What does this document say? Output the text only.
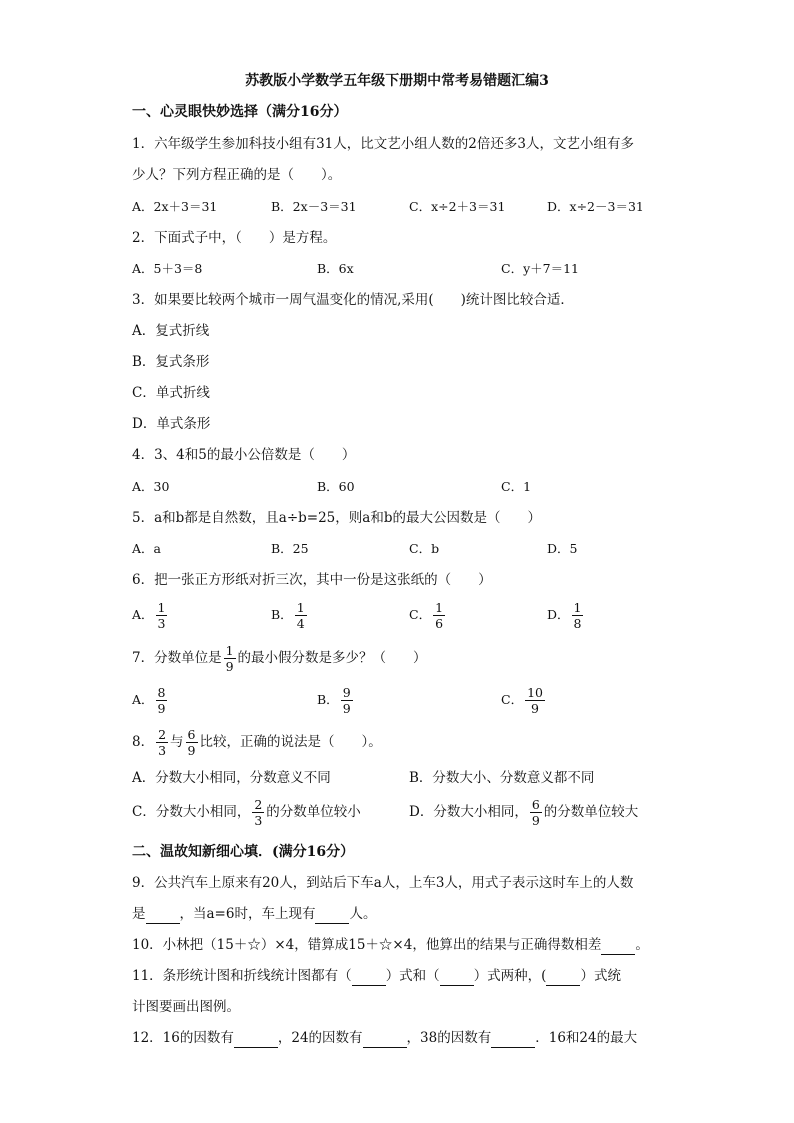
苏教版小学数学五年级下册期中常考易错题汇编3
一、心灵眼快妙选择（满分16分）
1．六年级学生参加科技小组有31人，比文艺小组人数的2倍还多3人，文艺小组有多
少人？下列方程正确的是（　　）。
A．2x＋3＝31	B．2x－3＝31	C．x÷2＋3＝31	D．x÷2－3＝31
2．下面式子中，（　　）是方程。
A．5＋3＝8	B．6x	C．y＋7＝11
3．如果要比较两个城市一周气温变化的情况,采用(　　)统计图比较合适．
A．复式折线
B．复式条形
C．单式折线
D．单式条形
4．3、4和5的最小公倍数是（　　）
A．30	B．60	C．1
5．a和b都是自然数，且a÷b=25，则a和b的最大公因数是（　　）
A．a	B．25	C．b	D．5
6．把一张正方形纸对折三次，其中一份是这张纸的（　　）
A． $\frac{1}{3}$	B． $\frac{1}{4}$	C． $\frac{1}{6}$	D． $\frac{1}{8}$
7．分数单位是 $\frac{1}{9}$ 的最小假分数是多少？（　　）
A． $\frac{8}{9}$	B． $\frac{9}{9}$	C． $\frac{10}{9}$
8． $\frac{2}{3}$ 与 $\frac{6}{9}$ 比较，正确的说法是（　　）。
A．分数大小相同，分数意义不同	B．分数大小、分数意义都不同
C．分数大小相同， $\frac{2}{3}$ 的分数单位较小	D．分数大小相同， $\frac{6}{9}$ 的分数单位较大
二、温故知新细心填．(满分16分）
9．公共汽车上原来有20人，到站后下车a人，上车3人，用式子表示这时车上的人数
是	，当a=6时，车上现有	人。
10．小林把（15＋☆）×4，错算成15＋☆×4，他算出的结果与正确得数相差	。
11．条形统计图和折线统计图都有（	）式和（	）式两种，(	）式统
计图要画出图例。
12．16的因数有	，24的因数有	，38的因数有	．16和24的最大
